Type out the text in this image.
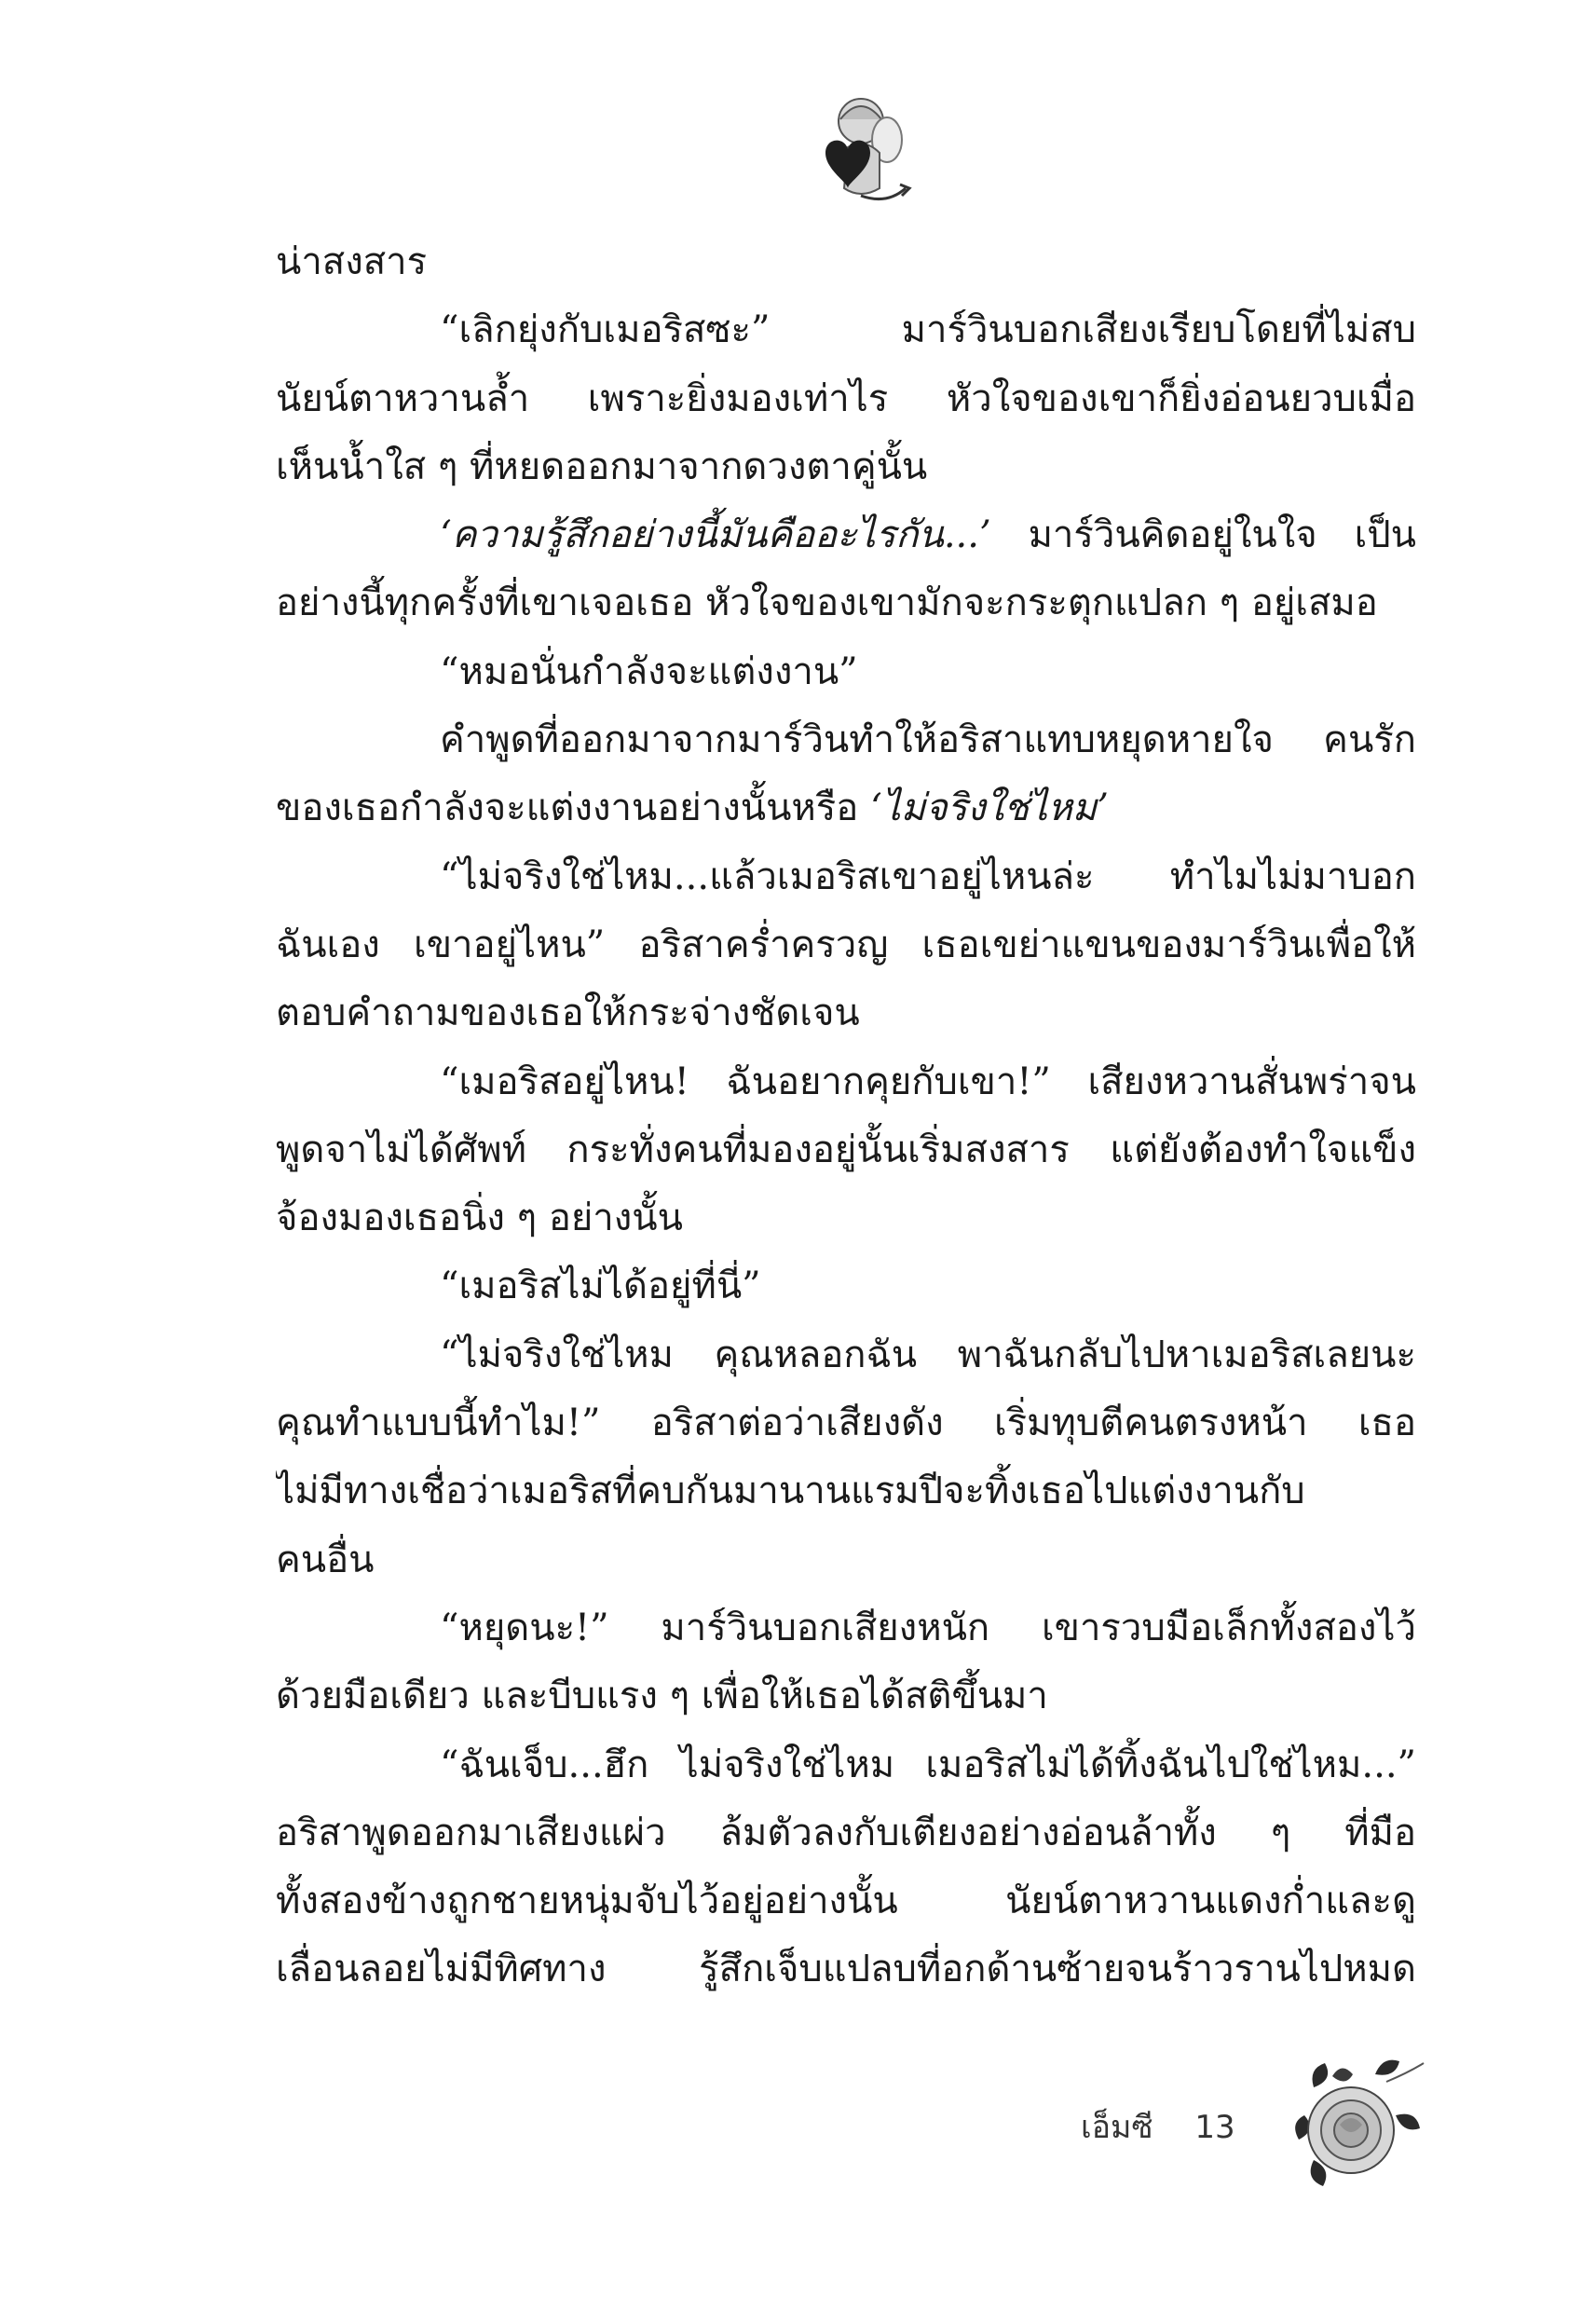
น่าสงสาร
“เลิกยุ่งกับเมอริสซะ” มาร์วินบอกเสียงเรียบโดยที่ไม่สบ
นัยน์ตาหวานล้ำ เพราะยิ่งมองเท่าไร หัวใจของเขาก็ยิ่งอ่อนยวบเมื่อ
เห็นน้ำใส ๆ ที่หยดออกมาจากดวงตาคู่นั้น
‘ความรู้สึกอย่างนี้มันคืออะไรกัน...’ มาร์วินคิดอยู่ในใจ เป็น
อย่างนี้ทุกครั้งที่เขาเจอเธอ หัวใจของเขามักจะกระตุกแปลก ๆ อยู่เสมอ
“หมอนั่นกำลังจะแต่งงาน”
คำพูดที่ออกมาจากมาร์วินทำให้อริสาแทบหยุดหายใจ คนรัก
ของเธอกำลังจะแต่งงานอย่างนั้นหรือ ‘ไม่จริงใช่ไหม’
“ไม่จริงใช่ไหม...แล้วเมอริสเขาอยู่ไหนล่ะ ทำไมไม่มาบอก
ฉันเอง เขาอยู่ไหน” อริสาคร่ำครวญ เธอเขย่าแขนของมาร์วินเพื่อให้
ตอบคำถามของเธอให้กระจ่างชัดเจน
“เมอริสอยู่ไหน! ฉันอยากคุยกับเขา!” เสียงหวานสั่นพร่าจน
พูดจาไม่ได้ศัพท์ กระทั่งคนที่มองอยู่นั้นเริ่มสงสาร แต่ยังต้องทำใจแข็ง
จ้องมองเธอนิ่ง ๆ อย่างนั้น
“เมอริสไม่ได้อยู่ที่นี่”
“ไม่จริงใช่ไหม คุณหลอกฉัน พาฉันกลับไปหาเมอริสเลยนะ
คุณทำแบบนี้ทำไม!” อริสาต่อว่าเสียงดัง เริ่มทุบตีคนตรงหน้า เธอ
ไม่มีทางเชื่อว่าเมอริสที่คบกันมานานแรมปีจะทิ้งเธอไปแต่งงานกับ
คนอื่น
“หยุดนะ!” มาร์วินบอกเสียงหนัก เขารวบมือเล็กทั้งสองไว้
ด้วยมือเดียว และบีบแรง ๆ เพื่อให้เธอได้สติขึ้นมา
“ฉันเจ็บ...ฮึก ไม่จริงใช่ไหม เมอริสไม่ได้ทิ้งฉันไปใช่ไหม...”
อริสาพูดออกมาเสียงแผ่ว ล้มตัวลงกับเตียงอย่างอ่อนล้าทั้ง ๆ ที่มือ
ทั้งสองข้างถูกชายหนุ่มจับไว้อยู่อย่างนั้น นัยน์ตาหวานแดงก่ำและดู
เลื่อนลอยไม่มีทิศทาง รู้สึกเจ็บแปลบที่อกด้านซ้ายจนร้าวรานไปหมด
เอ็มซี 13
